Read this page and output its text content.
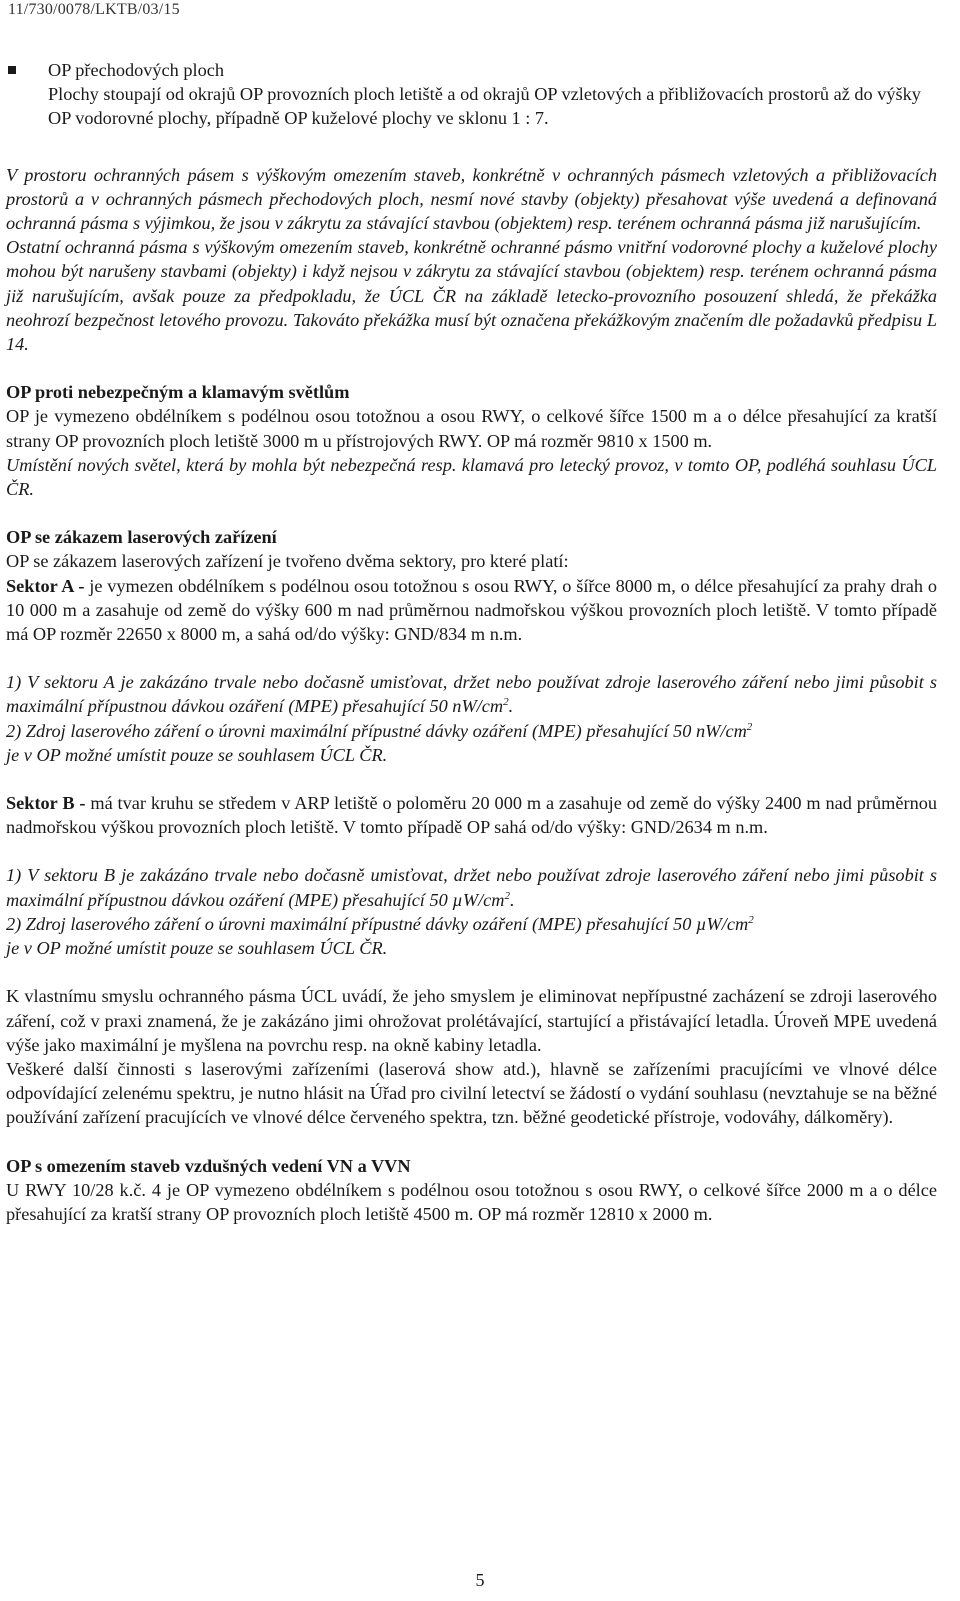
11/730/0078/LKTB/03/15

OP přechodových ploch

Plochy stoupají od okrajů OP provozních ploch letiště a od okrajů OP vzletových a přibližovacích prostorů až do výšky OP vodorovné plochy, případně OP kuželové plochy ve sklonu 1 : 7.

V prostoru ochranných pásem s výškovým omezením staveb, konkrétně v ochranných pásmech vzletových a přibližovacích prostorů a v ochranných pásmech přechodových ploch, nesmí nové stavby (objekty) přesahovat výše uvedená a definovaná ochranná pásma s výjimkou, že jsou v zákrytu za stávající stavbou (objektem) resp. terénem ochranná pásma již narušujícím.

Ostatní ochranná pásma s výškovým omezením staveb, konkrétně ochranné pásmo vnitřní vodorovné plochy a kuželové plochy mohou být narušeny stavbami (objekty) i když nejsou v zákrytu za stávající stavbou (objektem) resp. terénem ochranná pásma již narušujícím, avšak pouze za předpokladu, že ÚCL ČR na základě letecko-provozního posouzení shledá, že překážka neohrozí bezpečnost letového provozu. Takováto překážka musí být označena překážkovým značením dle požadavků předpisu L 14.

OP proti nebezpečným a klamavým světlům

OP je vymezeno obdélníkem s podélnou osou totožnou a osou RWY, o celkové šířce 1500 m a o délce přesahující za kratší strany OP provozních ploch letiště 3000 m u přístrojových RWY. OP má rozměr 9810 x 1500 m.

Umístění nových světel, která by mohla být nebezpečná resp. klamavá pro letecký provoz, v tomto OP, podléhá souhlasu ÚCL ČR.

OP se zákazem laserových zařízení

OP se zákazem laserových zařízení je tvořeno dvěma sektory, pro které platí:

Sektor A - je vymezen obdélníkem s podélnou osou totožnou s osou RWY, o šířce 8000 m, o délce přesahující za prahy drah o 10 000 m a zasahuje od země do výšky 600 m nad průměrnou nadmořskou výškou provozních ploch letiště. V tomto případě má OP rozměr 22650 x 8000 m, a sahá od/do výšky: GND/834 m n.m.

1) V sektoru A je zakázáno trvale nebo dočasně umisťovat, držet nebo používat zdroje laserového záření nebo jimi působit s maximální přípustnou dávkou ozáření (MPE) přesahující 50 $nW/cm^2$.

2) Zdroj laserového záření o úrovni maximální přípustné dávky ozáření (MPE) přesahující 50 $nW/cm^2$
je v OP možné umístit pouze se souhlasem ÚCL ČR.

Sektor B - má tvar kruhu se středem v ARP letiště o poloměru 20 000 m a zasahuje od země do výšky 2400 m nad průměrnou nadmořskou výškou provozních ploch letiště. V tomto případě OP sahá od/do výšky: GND/2634 m n.m.

1) V sektoru B je zakázáno trvale nebo dočasně umisťovat, držet nebo používat zdroje laserového záření nebo jimi působit s maximální přípustnou dávkou ozáření (MPE) přesahující 50 $\mu W/cm^2$.

2) Zdroj laserového záření o úrovni maximální přípustné dávky ozáření (MPE) přesahující 50 $\mu W/cm^2$
je v OP možné umístit pouze se souhlasem ÚCL ČR.

K vlastnímu smyslu ochranného pásma ÚCL uvádí, že jeho smyslem je eliminovat nepřípustné zacházení se zdroji laserového záření, což v praxi znamená, že je zakázáno jimi ohrožovat prolétávající, startující a přistávající letadla. Úroveň MPE uvedená výše jako maximální je myšlena na povrchu resp. na okně kabiny letadla.

Veškeré další činnosti s laserovými zařízeními (laserová show atd.), hlavně se zařízeními pracujícími ve vlnové délce odpovídající zelenému spektru, je nutno hlásit na Úřad pro civilní letectví se žádostí o vydání souhlasu (nevztahuje se na běžné používání zařízení pracujících ve vlnové délce červeného spektra, tzn. běžné geodetické přístroje, vodováhy, dálkoměry).

OP s omezením staveb vzdušných vedení VN a VVN

U RWY 10/28 k.č. 4 je OP vymezeno obdélníkem s podélnou osou totožnou s osou RWY, o celkové šířce 2000 m a o délce přesahující za kratší strany OP provozních ploch letiště 4500 m. OP má rozměr 12810 x 2000 m.

5
